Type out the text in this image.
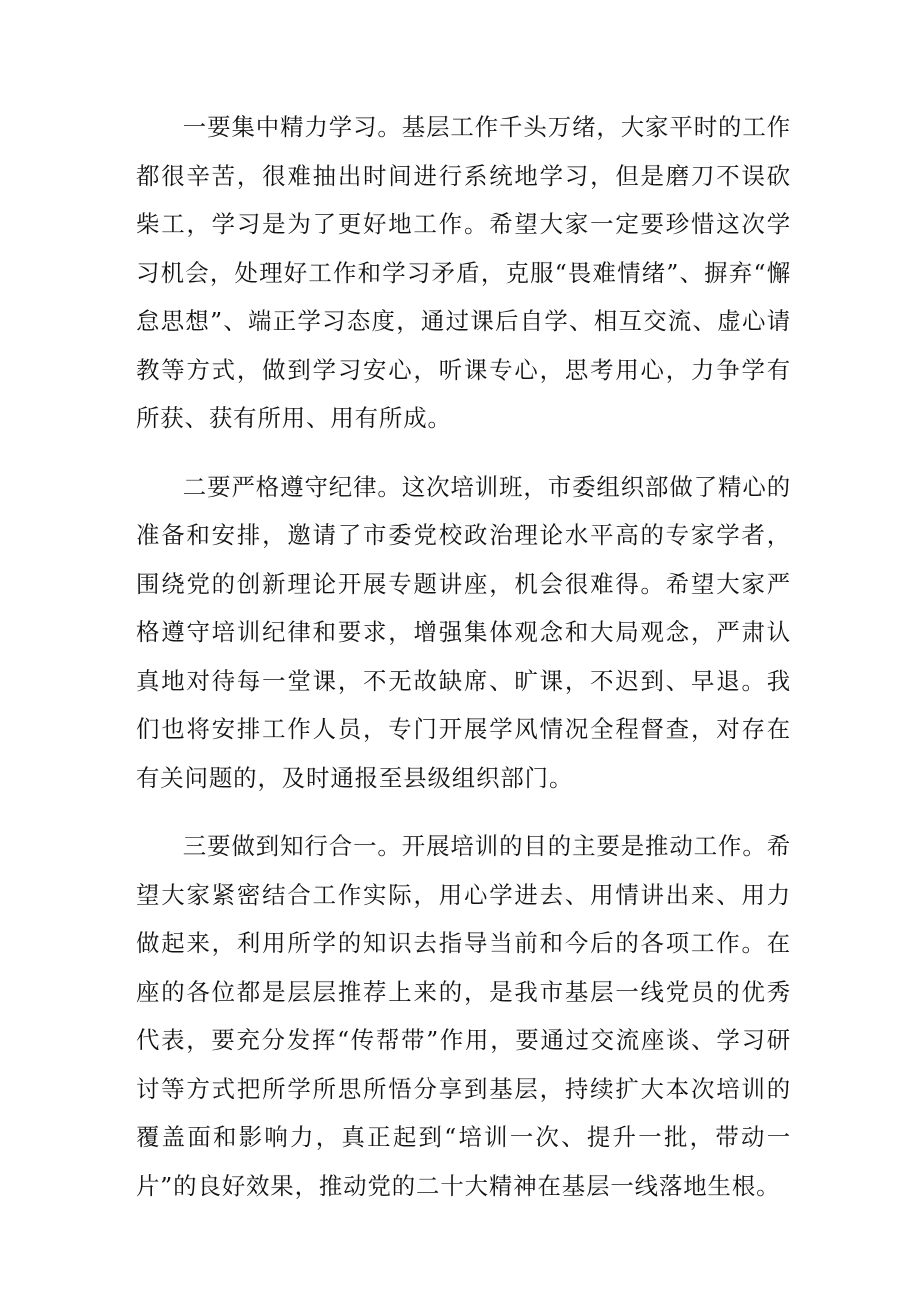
一要集中精力学习。基层工作千头万绪，大家平时的工作都很辛苦，很难抽出时间进行系统地学习，但是磨刀不误砍柴工，学习是为了更好地工作。希望大家一定要珍惜这次学习机会，处理好工作和学习矛盾，克服“畏难情绪”、摒弃“懈怠思想”、端正学习态度，通过课后自学、相互交流、虚心请教等方式，做到学习安心，听课专心，思考用心，力争学有所获、获有所用、用有所成。

二要严格遵守纪律。这次培训班，市委组织部做了精心的准备和安排，邀请了市委党校政治理论水平高的专家学者，围绕党的创新理论开展专题讲座，机会很难得。希望大家严格遵守培训纪律和要求，增强集体观念和大局观念，严肃认真地对待每一堂课，不无故缺席、旷课，不迟到、早退。我们也将安排工作人员，专门开展学风情况全程督查，对存在有关问题的，及时通报至县级组织部门。

三要做到知行合一。开展培训的目的主要是推动工作。希望大家紧密结合工作实际，用心学进去、用情讲出来、用力做起来，利用所学的知识去指导当前和今后的各项工作。在座的各位都是层层推荐上来的，是我市基层一线党员的优秀代表，要充分发挥“传帮带”作用，要通过交流座谈、学习研讨等方式把所学所思所悟分享到基层，持续扩大本次培训的覆盖面和影响力，真正起到“培训一次、提升一批，带动一片”的良好效果，推动党的二十大精神在基层一线落地生根。
